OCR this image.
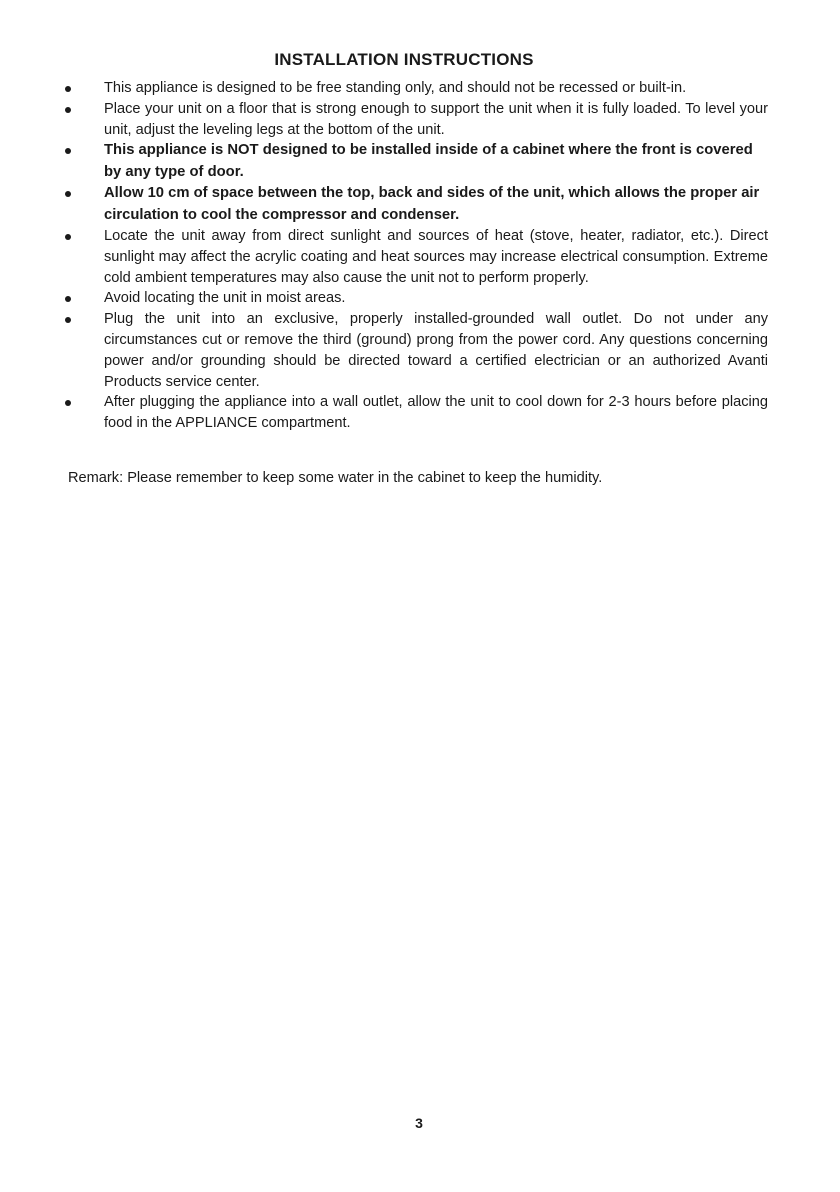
INSTALLATION INSTRUCTIONS
This appliance is designed to be free standing only, and should not be recessed or built-in.
Place your unit on a floor that is strong enough to support the unit when it is fully loaded. To level your unit, adjust the leveling legs at the bottom of the unit.
This appliance is NOT designed to be installed inside of a cabinet where the front is covered by any type of door.
Allow 10 cm of space between the top, back and sides of the unit, which allows the proper air circulation to cool the compressor and condenser.
Locate the unit away from direct sunlight and sources of heat (stove, heater, radiator, etc.). Direct sunlight may affect the acrylic coating and heat sources may increase electrical consumption. Extreme cold ambient temperatures may also cause the unit not to perform properly.
Avoid locating the unit in moist areas.
Plug the unit into an exclusive, properly installed-grounded wall outlet. Do not under any circumstances cut or remove the third (ground) prong from the power cord. Any questions concerning power and/or grounding should be directed toward a certified electrician or an authorized Avanti Products service center.
After plugging the appliance into a wall outlet, allow the unit to cool down for 2-3 hours before placing food in the APPLIANCE compartment.

Remark: Please remember to keep some water in the cabinet to keep the humidity.

3
